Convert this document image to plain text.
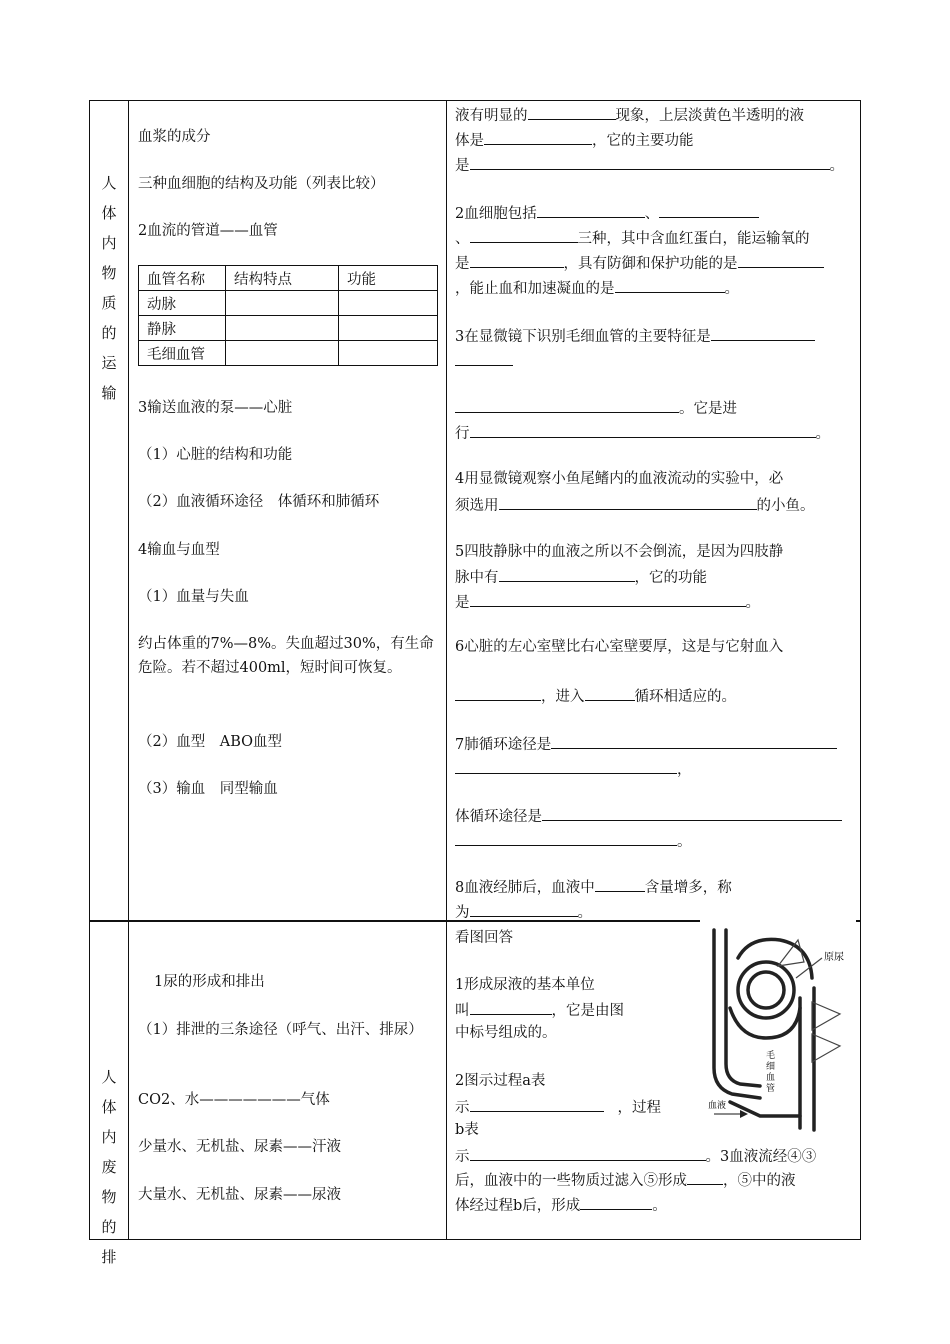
人
体
内
物
质
的
运
输
人
体
内
废
物
的
排
血浆的成分
三种血细胞的结构及功能（列表比较）
2血流的管道——血管
血管名称	结构特点	功能
动脉		
静脉		
毛细血管		
3输送血液的泵——心脏
（1）心脏的结构和功能
（2）血液循环途径　体循环和肺循环
4输血与血型
（1）血量与失血
约占体重的7%—8%。失血超过30%，有生命危险。若不超过400ml，短时间可恢复。
（2）血型　ABO血型
（3）输血　同型输血
液有明显的	现象，上层淡黄色半透明的液
体是	，它的主要功能
是	。
2血细胞包括	、
、	三种，其中含血红蛋白，能运输氧的
是	，具有防御和保护功能的是
，能止血和加速凝血的是	。
3在显微镜下识别毛细血管的主要特征是
。它是进
行	。
4用显微镜观察小鱼尾鳍内的血液流动的实验中，必
须选用	的小鱼。
5四肢静脉中的血液之所以不会倒流，是因为四肢静
脉中有	，它的功能
是	。
6心脏的左心室壁比右心室壁要厚，这是与它射血入
，进入	循环相适应的。
7肺循环途径是
，
体循环途径是
。
8血液经肺后，血液中	含量增多，称
为	。
1尿的形成和排出
（1）排泄的三条途径（呼气、出汗、排尿）
CO2、水———————气体
少量水、无机盐、尿素——汗液
大量水、无机盐、尿素——尿液
看图回答
1形成尿液的基本单位
叫	，它是由图
中标号组成的。
2图示过程a表
示	，过程
b表
示	。3血液流经④③
后，血液中的一些物质过滤入⑤形成 ，⑤中的液
体经过程b后，形成	。
原尿
毛细血管
血液
